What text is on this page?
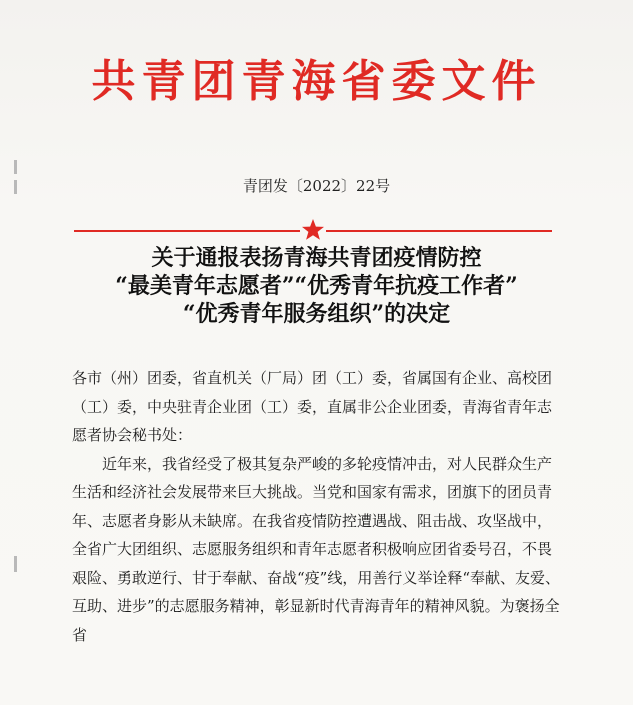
共青团青海省委文件
青团发〔2022〕22号
关于通报表扬青海共青团疫情防控
“最美青年志愿者”“优秀青年抗疫工作者”
“优秀青年服务组织”的决定

各市（州）团委，省直机关（厂局）团（工）委，省属国有企业、高校团（工）委，中央驻青企业团（工）委，直属非公企业团委，青海省青年志愿者协会秘书处：

近年来，我省经受了极其复杂严峻的多轮疫情冲击，对人民群众生产生活和经济社会发展带来巨大挑战。当党和国家有需求，团旗下的团员青年、志愿者身影从未缺席。在我省疫情防控遭遇战、阻击战、攻坚战中，全省广大团组织、志愿服务组织和青年志愿者积极响应团省委号召，不畏艰险、勇敢逆行、甘于奉献、奋战“疫”线，用善行义举诠释“奉献、友爱、互助、进步”的志愿服务精神，彰显新时代青海青年的精神风貌。为褒扬全省
